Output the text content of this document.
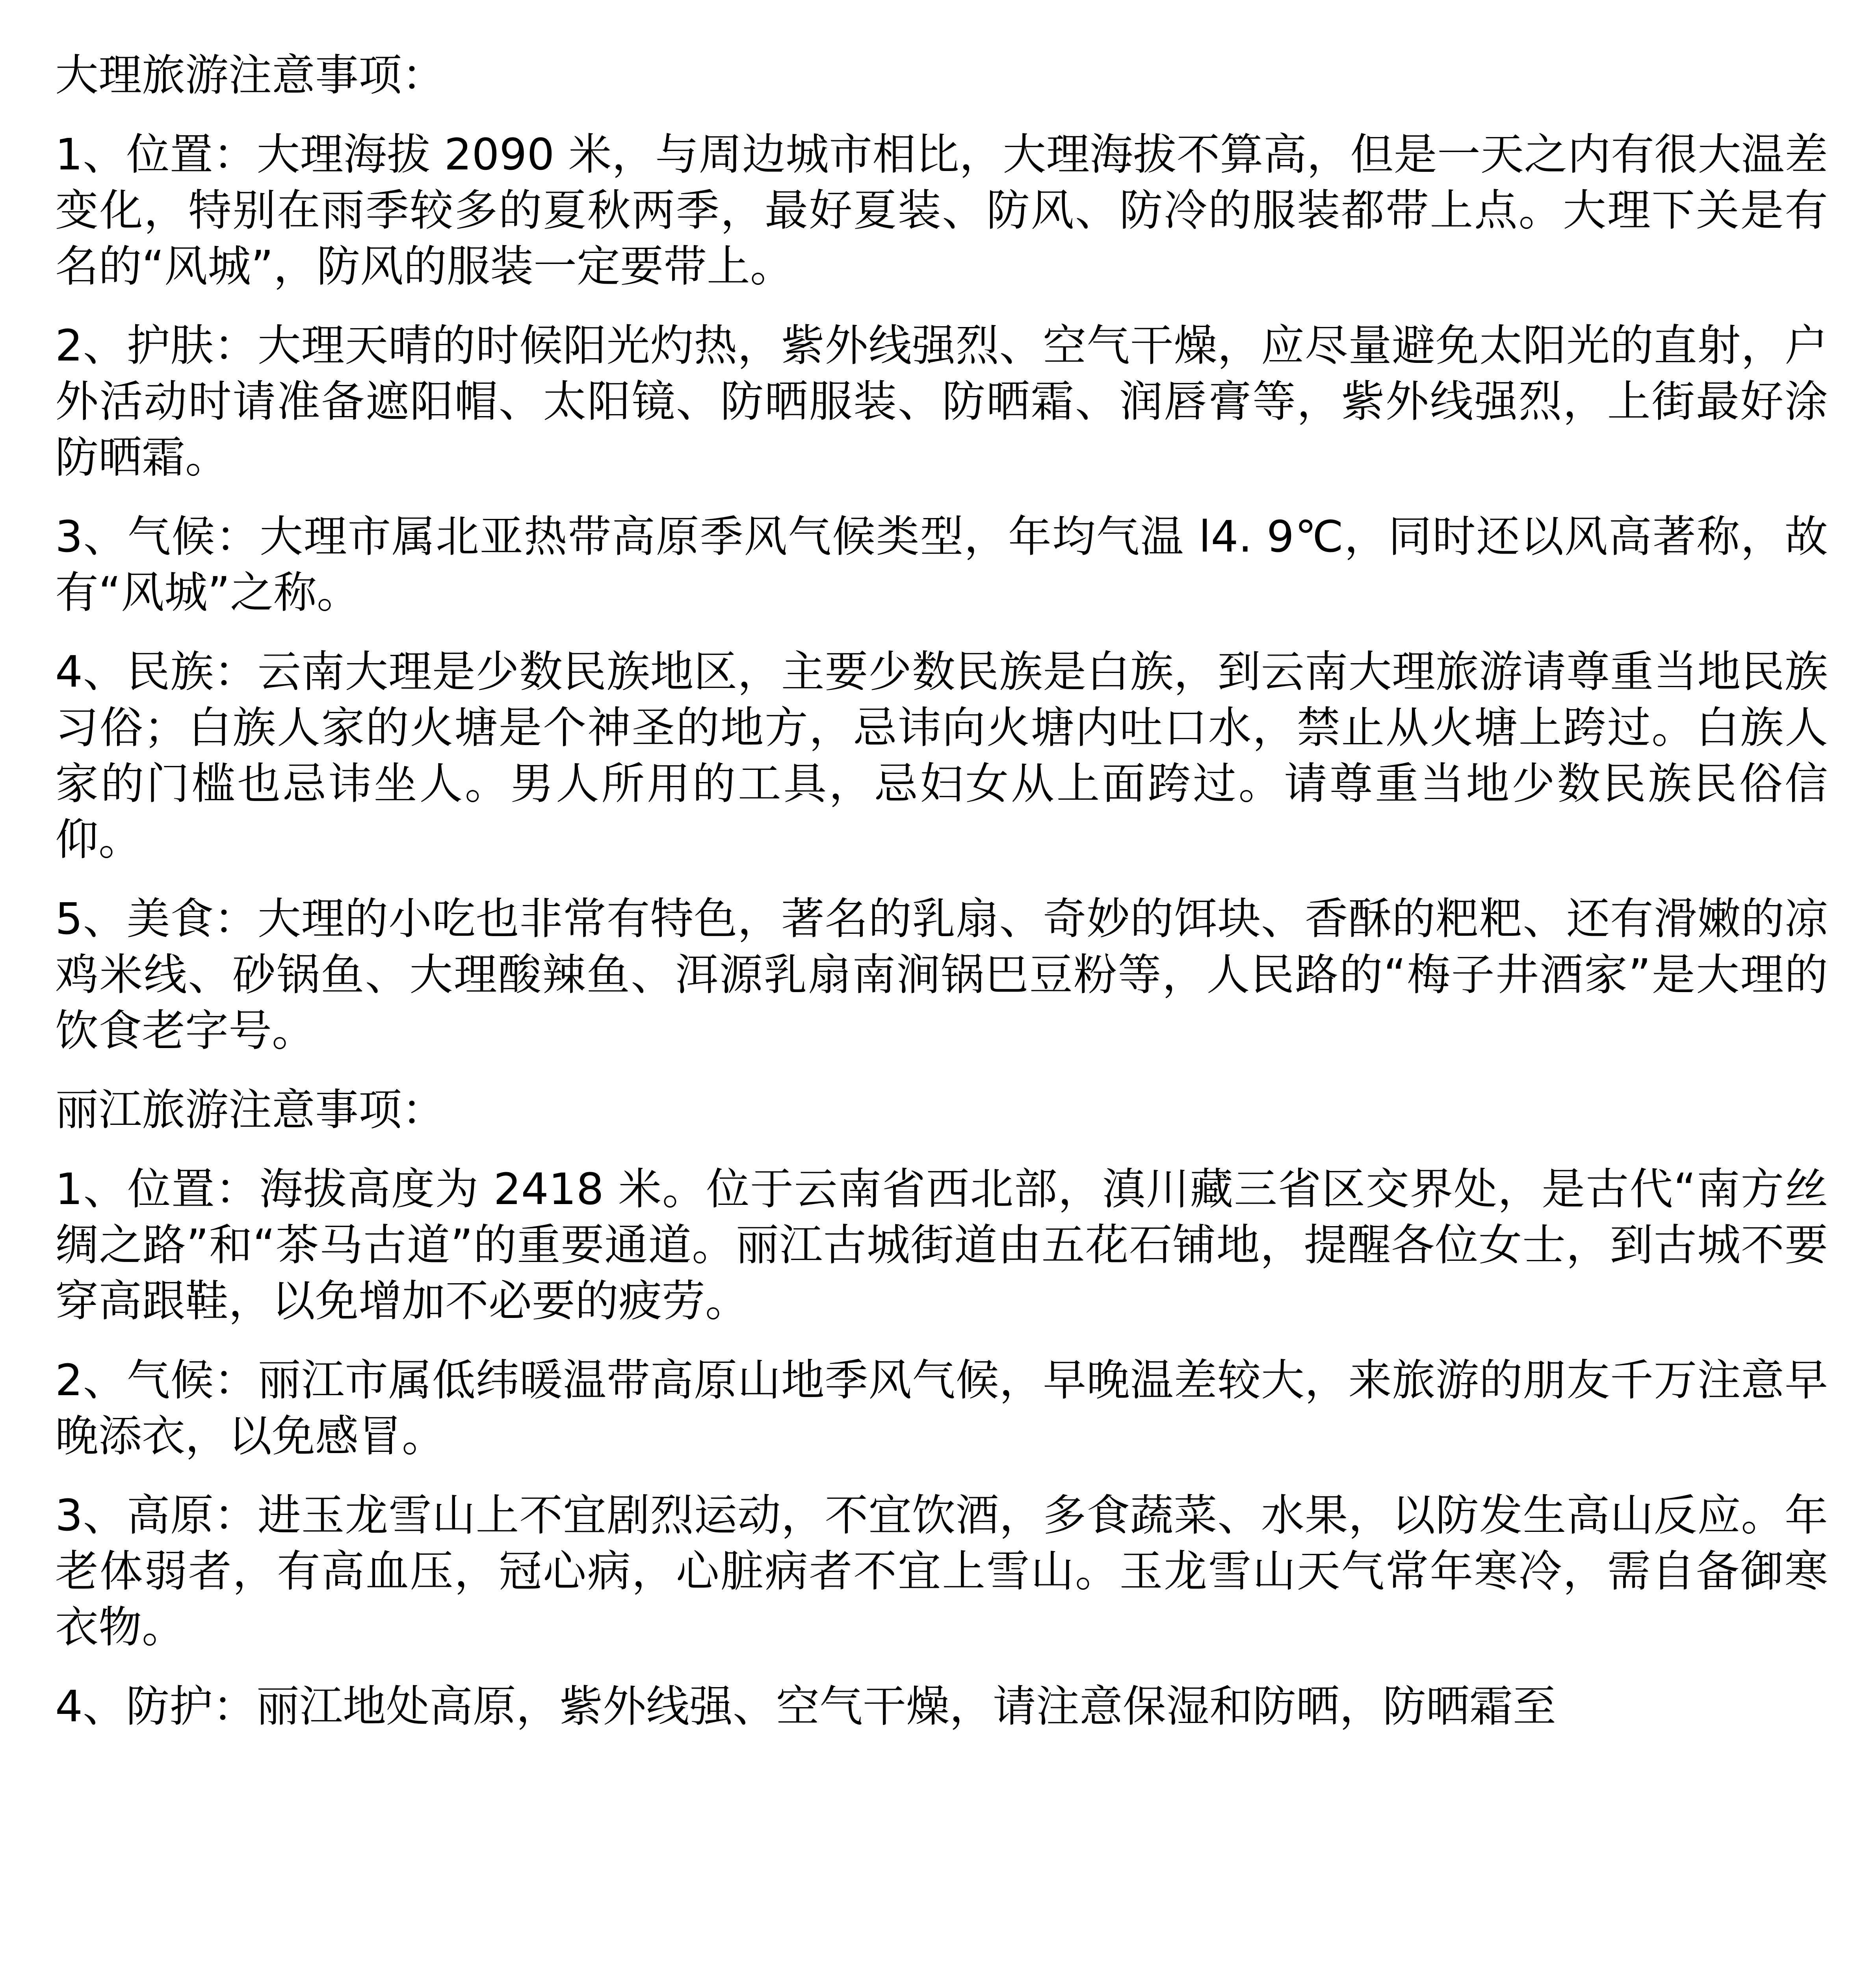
大理旅游注意事项：
1、位置：大理海拔 2090 米，与周边城市相比，大理海拔不算高，但是一天之内有很大温差变化，特别在雨季较多的夏秋两季，最好夏装、防风、防冷的服装都带上点。大理下关是有名的“风城”，防风的服装一定要带上。
2、护肤：大理天晴的时候阳光灼热，紫外线强烈、空气干燥，应尽量避免太阳光的直射，户外活动时请准备遮阳帽、太阳镜、防晒服装、防晒霜、润唇膏等，紫外线强烈，上街最好涂防晒霜。
3、气候：大理市属北亚热带高原季风气候类型，年均气温 l4. 9℃，同时还以风高著称，故有“风城”之称。
4、民族：云南大理是少数民族地区，主要少数民族是白族，到云南大理旅游请尊重当地民族习俗；白族人家的火塘是个神圣的地方，忌讳向火塘内吐口水，禁止从火塘上跨过。白族人家的门槛也忌讳坐人。男人所用的工具，忌妇女从上面跨过。请尊重当地少数民族民俗信仰。
5、美食：大理的小吃也非常有特色，著名的乳扇、奇妙的饵块、香酥的粑粑、还有滑嫩的凉鸡米线、砂锅鱼、大理酸辣鱼、洱源乳扇南涧锅巴豆粉等，人民路的“梅子井酒家”是大理的饮食老字号。
丽江旅游注意事项：
1、位置：海拔高度为 2418 米。位于云南省西北部，滇川藏三省区交界处，是古代“南方丝绸之路”和“茶马古道”的重要通道。丽江古城街道由五花石铺地，提醒各位女士，到古城不要穿高跟鞋，以免增加不必要的疲劳。
2、气候：丽江市属低纬暖温带高原山地季风气候，早晚温差较大，来旅游的朋友千万注意早晚添衣，以免感冒。
3、高原：进玉龙雪山上不宜剧烈运动，不宜饮酒，多食蔬菜、水果，以防发生高山反应。年老体弱者，有高血压，冠心病，心脏病者不宜上雪山。玉龙雪山天气常年寒冷，需自备御寒衣物。
4、防护：丽江地处高原，紫外线强、空气干燥，请注意保湿和防晒，防晒霜至
